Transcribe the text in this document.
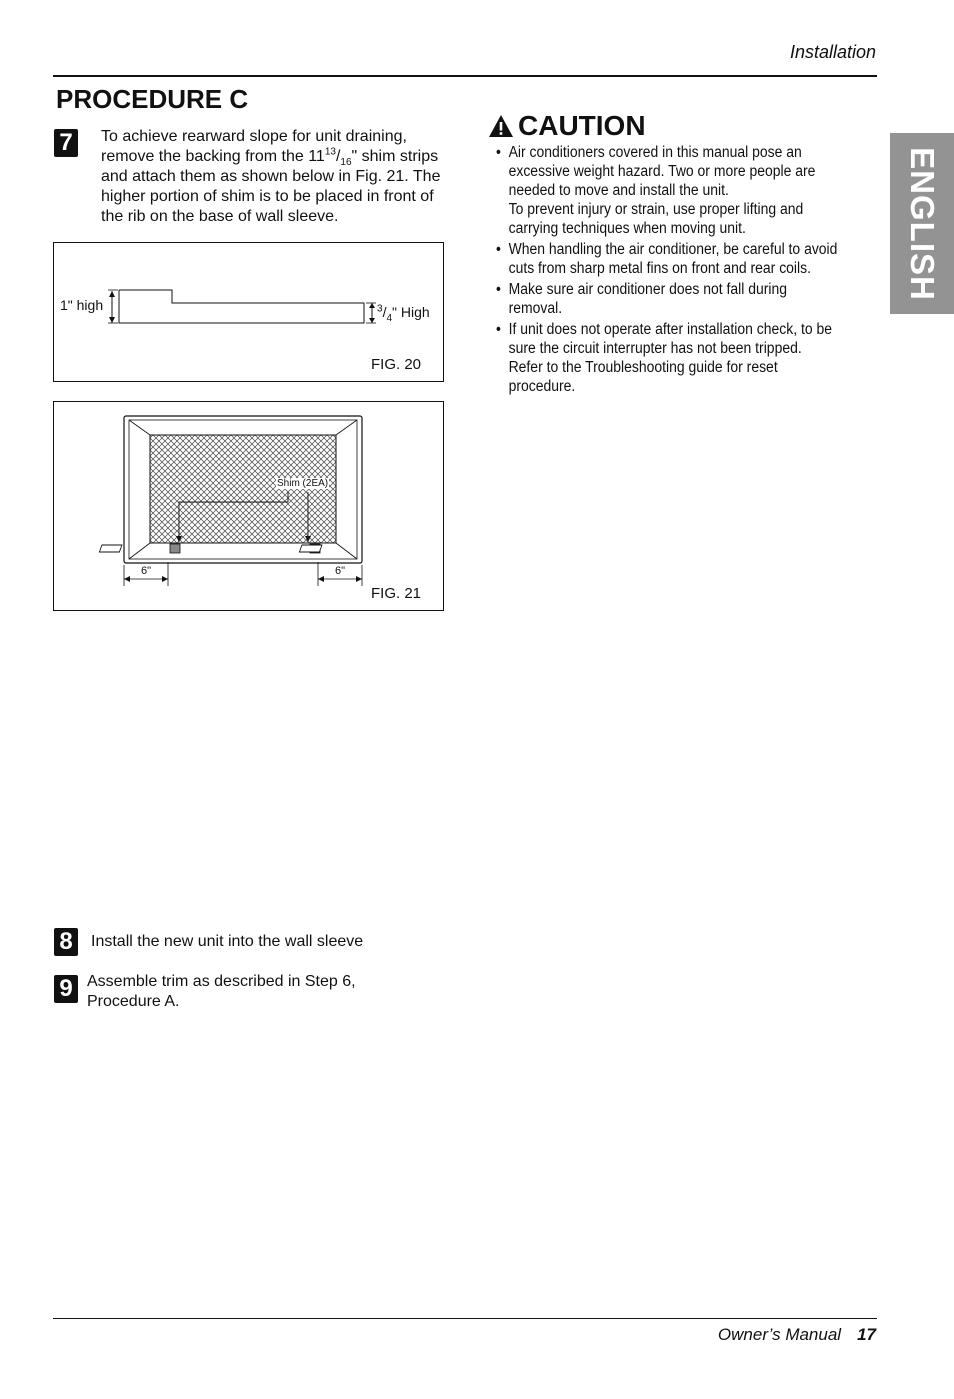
Installation
PROCEDURE C
7	To achieve rearward slope for unit draining, remove the backing from the $11^{13}/_{16}$" shim strips and attach them as shown below in Fig. 21. The higher portion of shim is to be placed in front of the rib on the base of wall sleeve.
1" high	$^3/_4$" High
FIG. 20
Shim (2EA)
6"	6"
FIG. 21
8	Install the new unit into the wall sleeve
9 Assemble trim as described in Step 6, Procedure A.
CAUTION
• Air conditioners covered in this manual pose an excessive weight hazard. Two or more people are needed to move and install the unit.
To prevent injury or strain, use proper lifting and carrying techniques when moving unit.
• When handling the air conditioner, be careful to avoid cuts from sharp metal fins on front and rear coils.
• Make sure air conditioner does not fall during removal.
• If unit does not operate after installation check, to be sure the circuit interrupter has not been tripped.
Refer to the Troubleshooting guide for reset procedure.
ENGLISH
Owner’s Manual 17
